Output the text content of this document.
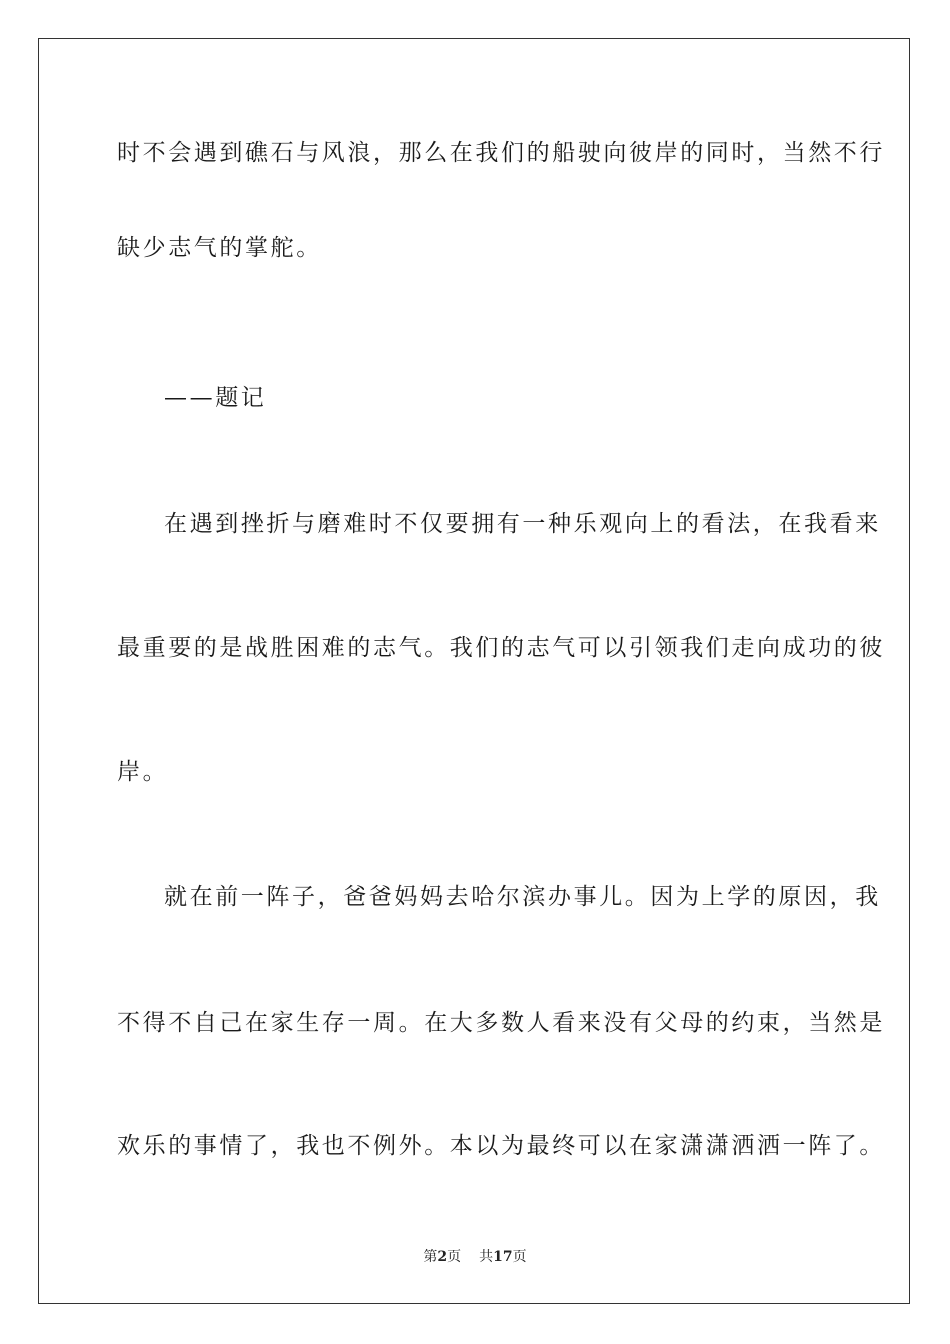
时不会遇到礁石与风浪，那么在我们的船驶向彼岸的同时，当然不行
缺少志气的掌舵。
——题记
在遇到挫折与磨难时不仅要拥有一种乐观向上的看法，在我看来
最重要的是战胜困难的志气。我们的志气可以引领我们走向成功的彼
岸。
就在前一阵子，爸爸妈妈去哈尔滨办事儿。因为上学的原因，我
不得不自己在家生存一周。在大多数人看来没有父母的约束，当然是
欢乐的事情了，我也不例外。本以为最终可以在家潇潇洒洒一阵了。
第2页 共17页
